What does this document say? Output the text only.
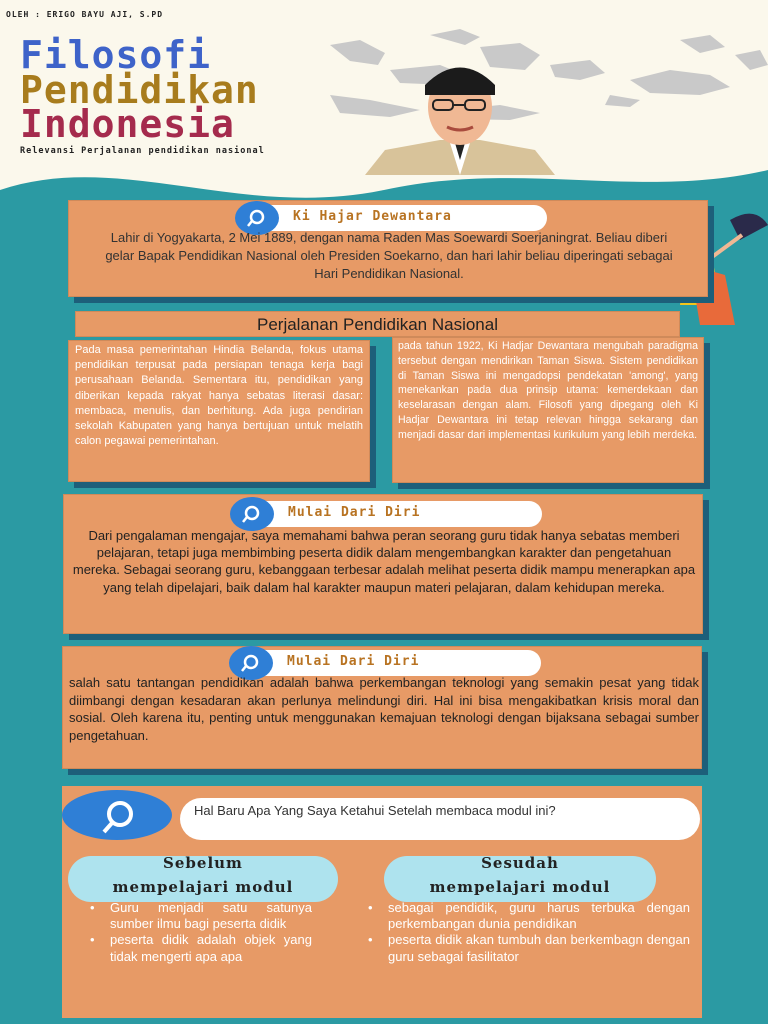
OLEH : ERIGO BAYU AJI, S.PD
Filosofi
Pendidikan
Indonesia
Relevansi Perjalanan pendidikan nasional
Ki Hajar Dewantara
Lahir di Yogyakarta, 2 Mei 1889, dengan nama Raden Mas Soewardi Soerjaningrat. Beliau diberi gelar Bapak Pendidikan Nasional oleh Presiden Soekarno, dan hari lahir beliau diperingati sebagai Hari Pendidikan Nasional.
Perjalanan Pendidikan Nasional
Pada masa pemerintahan Hindia Belanda, fokus utama pendidikan terpusat pada persiapan tenaga kerja bagi perusahaan Belanda. Sementara itu, pendidikan yang diberikan kepada rakyat hanya sebatas literasi dasar: membaca, menulis, dan berhitung. Ada juga pendirian sekolah Kabupaten yang hanya bertujuan untuk melatih calon pegawai pemerintahan.
pada tahun 1922, Ki Hadjar Dewantara mengubah paradigma tersebut dengan mendirikan Taman Siswa. Sistem pendidikan di Taman Siswa ini mengadopsi pendekatan 'among', yang menekankan pada dua prinsip utama: kemerdekaan dan keselarasan dengan alam. Filosofi yang dipegang oleh Ki Hadjar Dewantara ini tetap relevan hingga sekarang dan menjadi dasar dari implementasi kurikulum yang lebih merdeka.
Mulai Dari Diri
Dari pengalaman mengajar, saya memahami bahwa peran seorang guru tidak hanya sebatas memberi pelajaran, tetapi juga membimbing peserta didik dalam mengembangkan karakter dan pengetahuan mereka. Sebagai seorang guru, kebanggaan terbesar adalah melihat peserta didik mampu menerapkan apa yang telah dipelajari, baik dalam hal karakter maupun materi pelajaran, dalam kehidupan mereka.
Mulai Dari Diri
salah satu tantangan pendidikan adalah bahwa perkembangan teknologi yang semakin pesat yang tidak diimbangi dengan kesadaran akan perlunya melindungi diri. Hal ini bisa mengakibatkan krisis moral dan sosial. Oleh karena itu, penting untuk menggunakan kemajuan teknologi dengan bijaksana sebagai sumber pengetahuan.
Hal Baru Apa Yang Saya Ketahui Setelah membaca modul ini?
Sebelum
mempelajari modul
Sesudah
mempelajari modul
• Guru menjadi satu satunya sumber ilmu bagi peserta didik
• peserta didik adalah objek yang tidak mengerti apa apa
• sebagai pendidik, guru harus terbuka dengan perkembangan dunia pendidikan
• peserta didik akan tumbuh dan berkembagn dengan guru sebagai fasilitator
